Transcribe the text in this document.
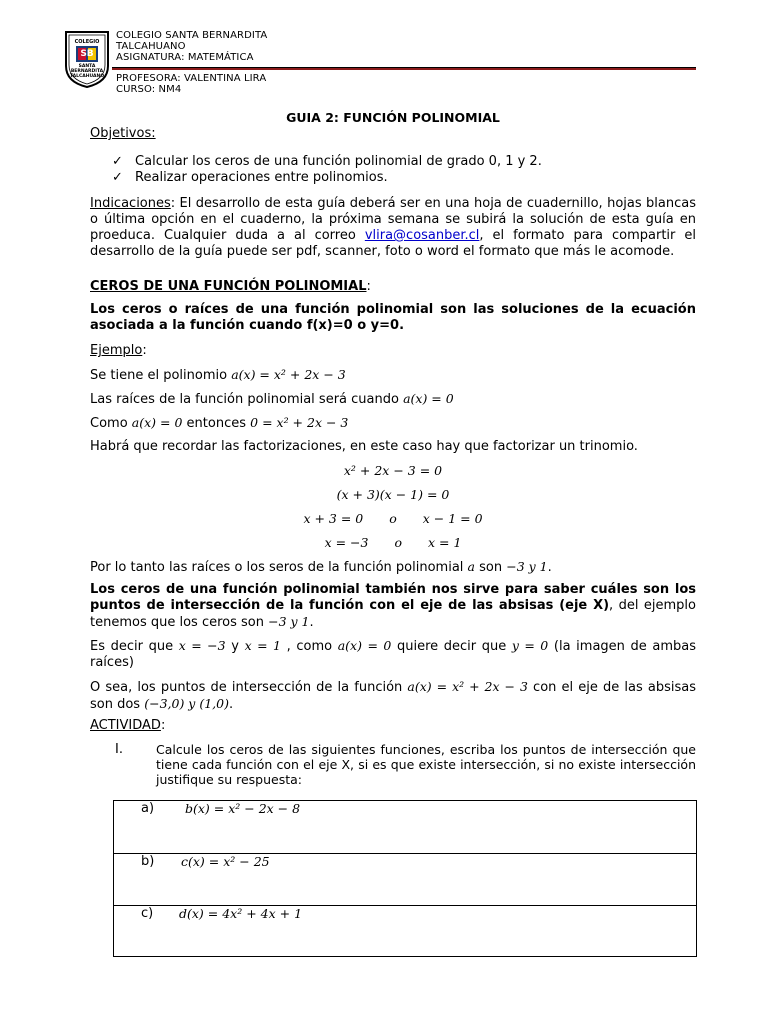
COLEGIO
SB
SANTA
BERNARDITA
TALCAHUANO
COLEGIO SANTA BERNARDITA
TALCAHUANO
ASIGNATURA: MATEMÁTICA
PROFESORA: VALENTINA LIRA
CURSO: NM4
GUIA 2: FUNCIÓN POLINOMIAL
Objetivos:
✓ Calcular los ceros de una función polinomial de grado 0, 1 y 2.
✓ Realizar operaciones entre polinomios.
Indicaciones: El desarrollo de esta guía deberá ser en una hoja de cuadernillo, hojas blancas o última opción en el cuaderno, la próxima semana se subirá la solución de esta guía en proeduca. Cualquier duda a al correo vlira@cosanber.cl, el formato para compartir el desarrollo de la guía puede ser pdf, scanner, foto o word el formato que más le acomode.
CEROS DE UNA FUNCIÓN POLINOMIAL:
Los ceros o raíces de una función polinomial son las soluciones de la ecuación asociada a la función cuando f(x)=0 o y=0.
Ejemplo:
Se tiene el polinomio a(x) = x² + 2x − 3
Las raíces de la función polinomial será cuando a(x) = 0
Como a(x) = 0 entonces 0 = x² + 2x − 3
Habrá que recordar las factorizaciones, en este caso hay que factorizar un trinomio.
x² + 2x − 3 = 0
(x + 3)(x − 1) = 0
x + 3 = 0 o x − 1 = 0
x = −3 o x = 1
Por lo tanto las raíces o los seros de la función polinomial a son −3 y 1.
Los ceros de una función polinomial también nos sirve para saber cuáles son los puntos de intersección de la función con el eje de las absisas (eje X), del ejemplo tenemos que los ceros son −3 y 1.
Es decir que x = −3 y x = 1 , como a(x) = 0 quiere decir que y = 0 (la imagen de ambas raíces)
O sea, los puntos de intersección de la función a(x) = x² + 2x − 3 con el eje de las absisas son dos (−3,0) y (1,0).
ACTIVIDAD:
I.	Calcule los ceros de las siguientes funciones, escriba los puntos de intersección que tiene cada función con el eje X, si es que existe intersección, si no existe intersección justifique su respuesta:
a) b(x) = x² − 2x − 8
b) c(x) = x² − 25
c) d(x) = 4x² + 4x + 1
